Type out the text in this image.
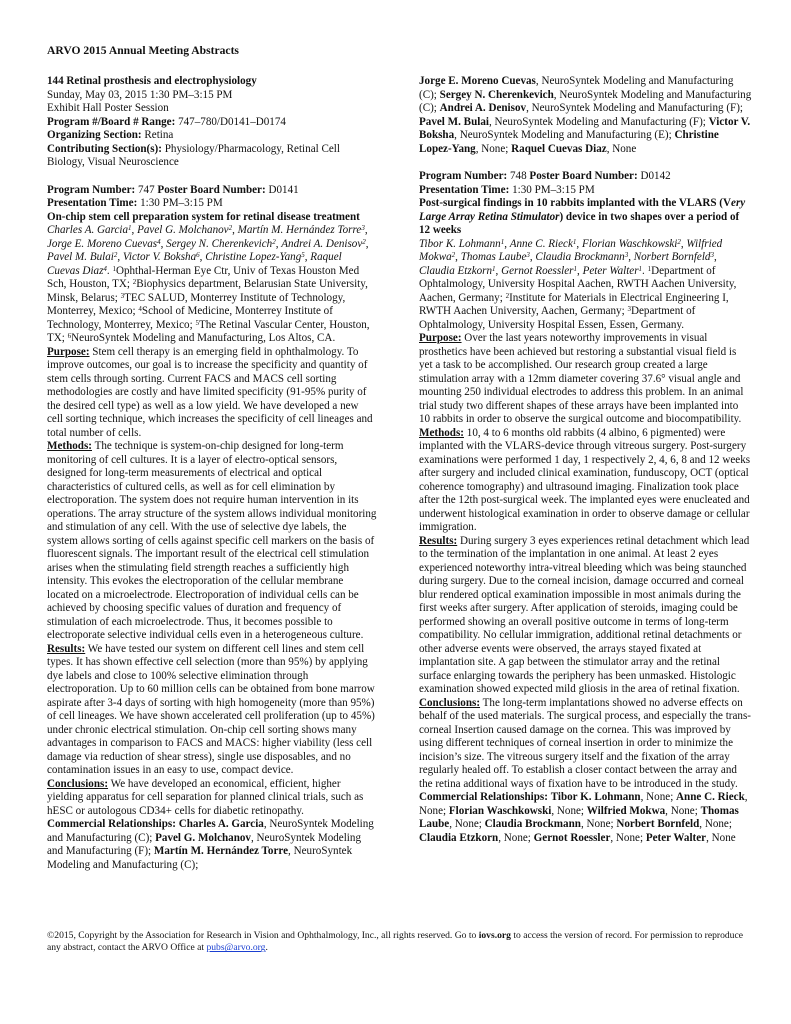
ARVO 2015 Annual Meeting Abstracts
144 Retinal prosthesis and electrophysiology
Sunday, May 03, 2015 1:30 PM–3:15 PM
Exhibit Hall Poster Session
Program #/Board # Range: 747–780/D0141–D0174
Organizing Section: Retina
Contributing Section(s): Physiology/Pharmacology, Retinal Cell Biology, Visual Neuroscience
Program Number: 747 Poster Board Number: D0141
Presentation Time: 1:30 PM–3:15 PM
On-chip stem cell preparation system for retinal disease treatment
Charles A. Garcia$^1$, Pavel G. Molchanov$^2$, Martín M. Hernández Torre$^3$, Jorge E. Moreno Cuevas$^4$, Sergey N. Cherenkevich$^2$, Andrei A. Denisov$^2$, Pavel M. Bulai$^2$, Victor V. Boksha$^6$, Christine Lopez-Yang$^5$, Raquel Cuevas Diaz$^4$. $^1$Ophthal-Herman Eye Ctr, Univ of Texas Houston Med Sch, Houston, TX; $^2$Biophysics department, Belarusian State University, Minsk, Belarus; $^3$TEC SALUD, Monterrey Institute of Technology, Monterrey, Mexico; $^4$School of Medicine, Monterrey Institute of Technology, Monterrey, Mexico; $^5$The Retinal Vascular Center, Houston, TX; $^6$NeuroSyntek Modeling and Manufacturing, Los Altos, CA.
Purpose: Stem cell therapy is an emerging field in ophthalmology. To improve outcomes, our goal is to increase the specificity and quantity of stem cells through sorting. Current FACS and MACS cell sorting methodologies are costly and have limited specificity (91-95% purity of the desired cell type) as well as a low yield. We have developed a new cell sorting technique, which increases the specificity of cell lineages and total number of cells.
Methods: The technique is system-on-chip designed for long-term monitoring of cell cultures. It is a layer of electro-optical sensors, designed for long-term measurements of electrical and optical characteristics of cultured cells, as well as for cell elimination by electroporation. The system does not require human intervention in its operations. The array structure of the system allows individual monitoring and stimulation of any cell. With the use of selective dye labels, the system allows sorting of cells against specific cell markers on the basis of fluorescent signals. The important result of the electrical cell stimulation arises when the stimulating field strength reaches a sufficiently high intensity. This evokes the electroporation of the cellular membrane located on a microelectrode. Electroporation of individual cells can be achieved by choosing specific values of duration and frequency of stimulation of each microelectrode. Thus, it becomes possible to electroporate selective individual cells even in a heterogeneous culture.
Results: We have tested our system on different cell lines and stem cell types. It has shown effective cell selection (more than 95%) by applying dye labels and close to 100% selective elimination through electroporation. Up to 60 million cells can be obtained from bone marrow aspirate after 3-4 days of sorting with high homogeneity (more than 95%) of cell lineages. We have shown accelerated cell proliferation (up to 45%) under chronic electrical stimulation. On-chip cell sorting shows many advantages in comparison to FACS and MACS: higher viability (less cell damage via reduction of shear stress), single use disposables, and no contamination issues in an easy to use, compact device.
Conclusions: We have developed an economical, efficient, higher yielding apparatus for cell separation for planned clinical trials, such as hESC or autologous CD34+ cells for diabetic retinopathy.
Commercial Relationships: Charles A. Garcia, NeuroSyntek Modeling and Manufacturing (C); Pavel G. Molchanov, NeuroSyntek Modeling and Manufacturing (F); Martín M. Hernández Torre, NeuroSyntek Modeling and Manufacturing (C);
Jorge E. Moreno Cuevas, NeuroSyntek Modeling and Manufacturing (C); Sergey N. Cherenkevich, NeuroSyntek Modeling and Manufacturing (C); Andrei A. Denisov, NeuroSyntek Modeling and Manufacturing (F); Pavel M. Bulai, NeuroSyntek Modeling and Manufacturing (F); Victor V. Boksha, NeuroSyntek Modeling and Manufacturing (E); Christine Lopez-Yang, None; Raquel Cuevas Diaz, None
Program Number: 748 Poster Board Number: D0142
Presentation Time: 1:30 PM–3:15 PM
Post-surgical findings in 10 rabbits implanted with the VLARS (Very Large Array Retina Stimulator) device in two shapes over a period of 12 weeks
Tibor K. Lohmann$^1$, Anne C. Rieck$^1$, Florian Waschkowski$^2$, Wilfried Mokwa$^2$, Thomas Laube$^3$, Claudia Brockmann$^3$, Norbert Bornfeld$^3$, Claudia Etzkorn$^1$, Gernot Roessler$^1$, Peter Walter$^1$. $^1$Department of Ophtalmology, University Hospital Aachen, RWTH Aachen University, Aachen, Germany; $^2$Institute for Materials in Electrical Engineering I, RWTH Aachen University, Aachen, Germany; $^3$Department of Ophtalmology, University Hospital Essen, Essen, Germany.
Purpose: Over the last years noteworthy improvements in visual prosthetics have been achieved but restoring a substantial visual field is yet a task to be accomplished. Our research group created a large stimulation array with a 12mm diameter covering 37.6° visual angle and mounting 250 individual electrodes to address this problem. In an animal trial study two different shapes of these arrays have been implanted into 10 rabbits in order to observe the surgical outcome and biocompatibility.
Methods: 10, 4 to 6 months old rabbits (4 albino, 6 pigmented) were implanted with the VLARS-device through vitreous surgery. Post-surgery examinations were performed 1 day, 1 respectively 2, 4, 6, 8 and 12 weeks after surgery and included clinical examination, funduscopy, OCT (optical coherence tomography) and ultrasound imaging. Finalization took place after the 12th post-surgical week. The implanted eyes were enucleated and underwent histological examination in order to observe damage or cellular immigration.
Results: During surgery 3 eyes experiences retinal detachment which lead to the termination of the implantation in one animal. At least 2 eyes experienced noteworthy intra-vitreal bleeding which was being staunched during surgery. Due to the corneal incision, damage occurred and corneal blur rendered optical examination impossible in most animals during the first weeks after surgery. After application of steroids, imaging could be performed showing an overall positive outcome in terms of long-term compatibility. No cellular immigration, additional retinal detachments or other adverse events were observed, the arrays stayed fixated at implantation site. A gap between the stimulator array and the retinal surface enlarging towards the periphery has been unmasked. Histologic examination showed expected mild gliosis in the area of retinal fixation.
Conclusions: The long-term implantations showed no adverse effects on behalf of the used materials. The surgical process, and especially the trans-corneal Insertion caused damage on the cornea. This was improved by using different techniques of corneal insertion in order to minimize the incision’s size. The vitreous surgery itself and the fixation of the array regularly healed off. To establish a closer contact between the array and the retina additional ways of fixation have to be introduced in the study.
Commercial Relationships: Tibor K. Lohmann, None; Anne C. Rieck, None; Florian Waschkowski, None; Wilfried Mokwa, None; Thomas Laube, None; Claudia Brockmann, None; Norbert Bornfeld, None; Claudia Etzkorn, None; Gernot Roessler, None; Peter Walter, None
©2015, Copyright by the Association for Research in Vision and Ophthalmology, Inc., all rights reserved. Go to iovs.org to access the version of record. For permission to reproduce any abstract, contact the ARVO Office at pubs@arvo.org.
